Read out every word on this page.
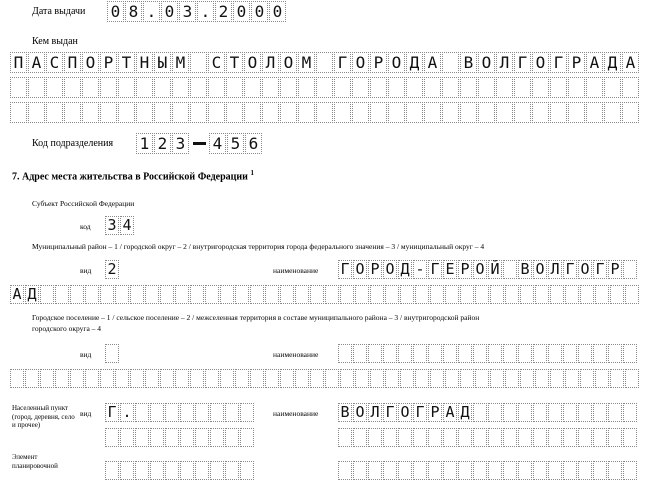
Дата выдачи 0 8 . 0 3 . 2 0 0 0
Кем выдан
П А С П О Р Т Н Ы М С Т О Л О М Г О Р О Д А В О Л Г О Г Р А Д А
Код подразделения 1 2 3 4 5 6
7. Адрес места жительства в Российской Федерации $^1$
Субъект Российской Федерации
код 3 4
Муниципальный район – 1 / городской округ – 2 / внутригородская территория города федерального значения – 3 / муниципальный округ – 4
вид 2	наименование Г О Р О Д - Г Е Р О Й В О Л Г О Г Р
А Д
Городское поселение – 1 / сельское поселение – 2 / межселенная территория в составе муниципального района – 3 / внутригородской район
городского округа – 4
вид	наименование
Населенный пункт (город, деревня, село и прочее)
вид Г .	наименование В О Л Г О Г Р А Д
Элемент планировочной
